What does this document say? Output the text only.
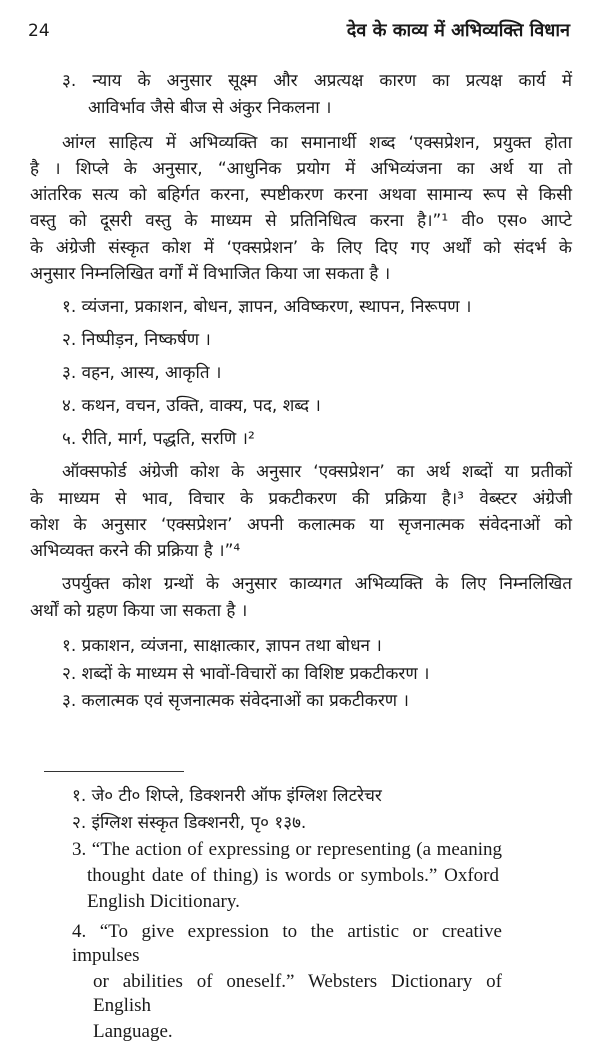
24	देव के काव्य में अभिव्यक्ति विधान
३. न्याय के अनुसार सूक्ष्म और अप्रत्यक्ष कारण का प्रत्यक्ष कार्य में
आविर्भाव जैसे बीज से अंकुर निकलना ।
आंग्ल साहित्य में अभिव्यक्ति का समानार्थी शब्द ‘एक्सप्रेशन, प्रयुक्त होता
है । शिप्ले के अनुसार, “आधुनिक प्रयोग में अभिव्यंजना का अर्थ या तो
आंतरिक सत्य को बहिर्गत करना, स्पष्टीकरण करना अथवा सामान्य रूप से किसी
वस्तु को दूसरी वस्तु के माध्यम से प्रतिनिधित्व करना है।”¹ वी० एस० आप्टे
के अंग्रेजी संस्कृत कोश में ‘एक्सप्रेशन’ के लिए दिए गए अर्थों को संदर्भ के
अनुसार निम्नलिखित वर्गों में विभाजित किया जा सकता है ।
१. व्यंजना, प्रकाशन, बोधन, ज्ञापन, अविष्करण, स्थापन, निरूपण ।
२. निष्पीड़न, निष्कर्षण ।
३. वहन, आस्य, आकृति ।
४. कथन, वचन, उक्ति, वाक्य, पद, शब्द ।
५. रीति, मार्ग, पद्धति, सरणि ।²
ऑक्सफोर्ड अंग्रेजी कोश के अनुसार ‘एक्सप्रेशन’ का अर्थ शब्दों या प्रतीकों
के माध्यम से भाव, विचार के प्रकटीकरण की प्रक्रिया है।³ वेब्स्टर अंग्रेजी
कोश के अनुसार ‘एक्सप्रेशन’ अपनी कलात्मक या सृजनात्मक संवेदनाओं को
अभिव्यक्त करने की प्रक्रिया है ।”⁴
उपर्युक्त कोश ग्रन्थों के अनुसार काव्यगत अभिव्यक्ति के लिए निम्नलिखित
अर्थों को ग्रहण किया जा सकता है ।
१. प्रकाशन, व्यंजना, साक्षात्कार, ज्ञापन तथा बोधन ।
२. शब्दों के माध्यम से भावों-विचारों का विशिष्ट प्रकटीकरण ।
३. कलात्मक एवं सृजनात्मक संवेदनाओं का प्रकटीकरण ।
१. जे० टी० शिप्ले, डिक्शनरी ऑफ इंग्लिश लिटरेचर
२. इंग्लिश संस्कृत डिक्शनरी, पृ० १३७.
3. “The action of expressing or representing (a meaning
thought date of thing) is words or symbols.” Oxford
English Dicitionary.
4. “To give expression to the artistic or creative impulses
or abilities of oneself.” Websters Dictionary of English
Language.
